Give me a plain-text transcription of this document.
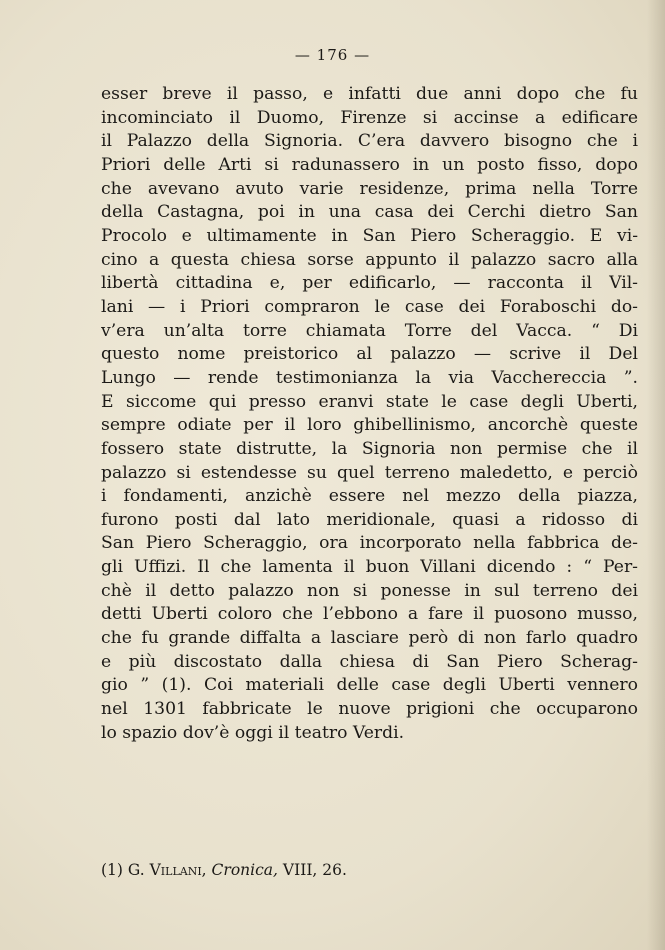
— 176 —
esser breve il passo, e infatti due anni dopo che fu
incominciato il Duomo, Firenze si accinse a edificare
il Palazzo della Signoria. C’era davvero bisogno che i
Priori delle Arti si radunassero in un posto fisso, dopo
che avevano avuto varie residenze, prima nella Torre
della Castagna, poi in una casa dei Cerchi dietro San
Procolo e ultimamente in San Piero Scheraggio. E vi-
cino a questa chiesa sorse appunto il palazzo sacro alla
libertà cittadina e, per edificarlo, — racconta il Vil-
lani — i Priori compraron le case dei Foraboschi do-
v’era un’alta torre chiamata Torre del Vacca. “ Di
questo nome preistorico al palazzo — scrive il Del
Lungo — rende testimonianza la via Vacchereccia ”.
E siccome qui presso eranvi state le case degli Uberti,
sempre odiate per il loro ghibellinismo, ancorchè queste
fossero state distrutte, la Signoria non permise che il
palazzo si estendesse su quel terreno maledetto, e perciò
i fondamenti, anzichè essere nel mezzo della piazza,
furono posti dal lato meridionale, quasi a ridosso di
San Piero Scheraggio, ora incorporato nella fabbrica de-
gli Uffizi. Il che lamenta il buon Villani dicendo : “ Per-
chè il detto palazzo non si ponesse in sul terreno dei
detti Uberti coloro che l’ebbono a fare il puosono musso,
che fu grande diffalta a lasciare però di non farlo quadro
e più discostato dalla chiesa di San Piero Scherag-
gio ” (1). Coi materiali delle case degli Uberti vennero
nel 1301 fabbricate le nuove prigioni che occuparono
lo spazio dov’è oggi il teatro Verdi.
(1) G. Villani, Cronica, VIII, 26.
